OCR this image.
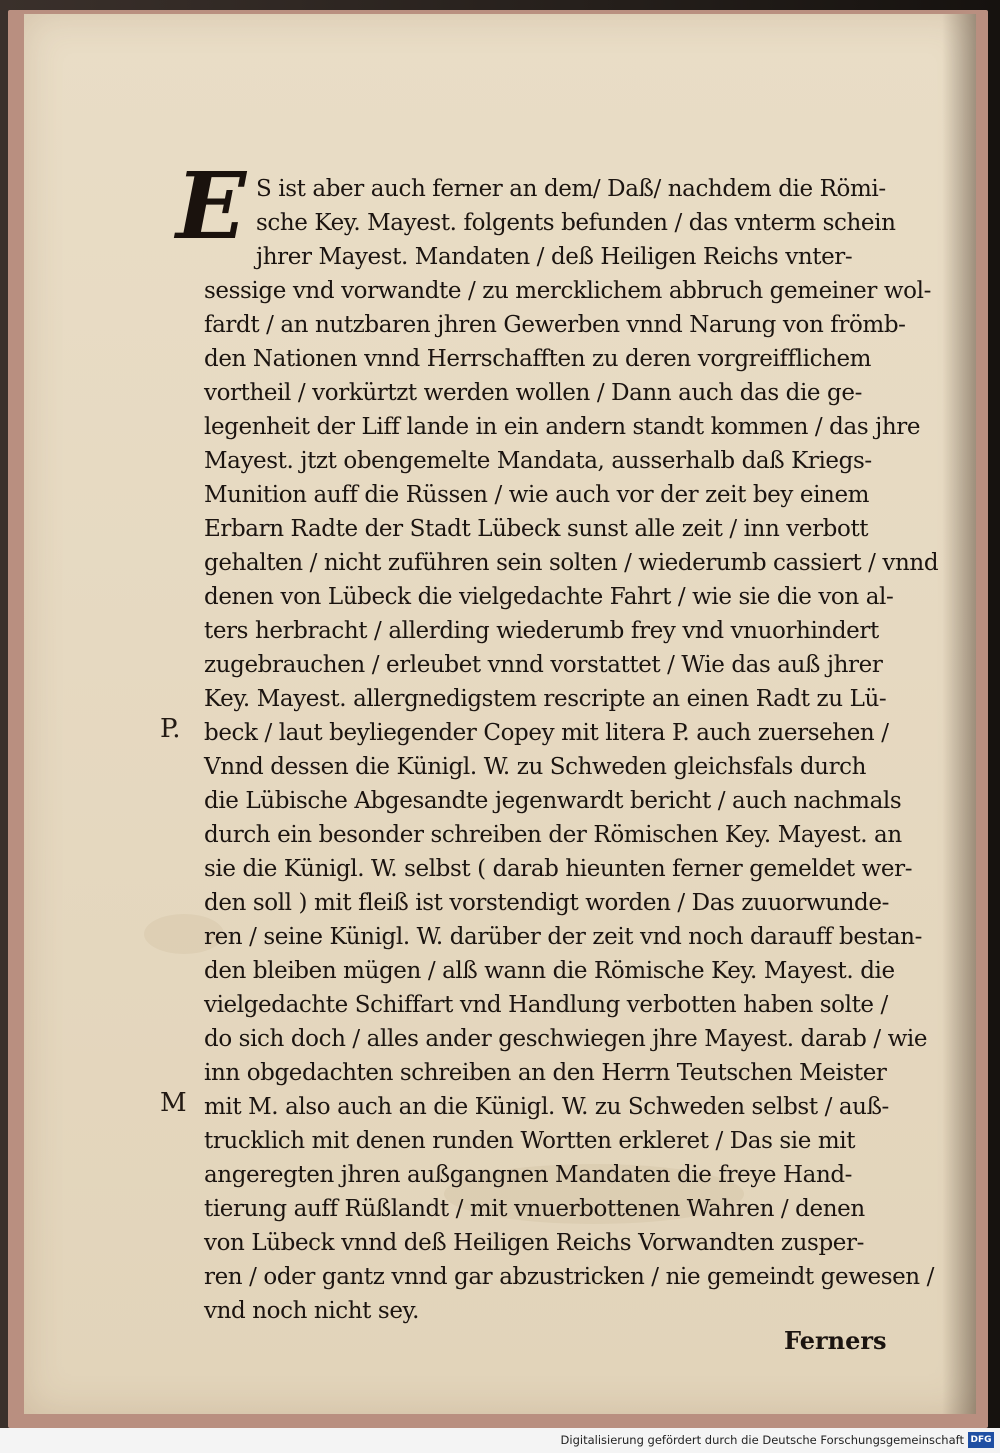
E S ist aber auch ferner an dem/ Daß/ nachdem die Römi-
sche Key. Mayest. folgents befunden / das vnterm schein
jhrer Mayest. Mandaten / deß Heiligen Reichs vnter-
sessige vnd vorwandte / zu mercklichem abbruch gemeiner wol-
fardt / an nutzbaren jhren Gewerben vnnd Narung von frömb-
den Nationen vnnd Herrschafften zu deren vorgreifflichem
vortheil / vorkürtzt werden wollen / Dann auch das die ge-
legenheit der Liff lande in ein andern standt kommen / das jhre
Mayest. jtzt obengemelte Mandata, ausserhalb daß Kriegs-
Munition auff die Rüssen / wie auch vor der zeit bey einem
Erbarn Radte der Stadt Lübeck sunst alle zeit / inn verbott
gehalten / nicht zuführen sein solten / wiederumb cassiert / vnnd
denen von Lübeck die vielgedachte Fahrt / wie sie die von al-
ters herbracht / allerding wiederumb frey vnd vnuorhindert
zugebrauchen / erleubet vnnd vorstattet / Wie das auß jhrer
Key. Mayest. allergnedigstem rescripte an einen Radt zu Lü-
beck / laut beyliegender Copey mit litera P. auch zuersehen /
Vnnd dessen die Künigl. W. zu Schweden gleichsfals durch
die Lübische Abgesandte jegenwardt bericht / auch nachmals
durch ein besonder schreiben der Römischen Key. Mayest. an
sie die Künigl. W. selbst ( darab hieunten ferner gemeldet wer-
den soll ) mit fleiß ist vorstendigt worden / Das zuuorwunde-
ren / seine Künigl. W. darüber der zeit vnd noch darauff bestan-
den bleiben mügen / alß wann die Römische Key. Mayest. die
vielgedachte Schiffart vnd Handlung verbotten haben solte /
do sich doch / alles ander geschwiegen jhre Mayest. darab / wie
inn obgedachten schreiben an den Herrn Teutschen Meister
mit M. also auch an die Künigl. W. zu Schweden selbst / auß-
trucklich mit denen runden Wortten erkleret / Das sie mit
angeregten jhren außgangnen Mandaten die freye Hand-
tierung auff Rüßlandt / mit vnuerbottenen Wahren / denen
von Lübeck vnnd deß Heiligen Reichs Vorwandten zusper-
ren / oder gantz vnnd gar abzustricken / nie gemeindt gewesen /
vnd noch nicht sey.
P.
M
Ferners
Digitalisierung gefördert durch die Deutsche Forschungsgemeinschaft DFG
